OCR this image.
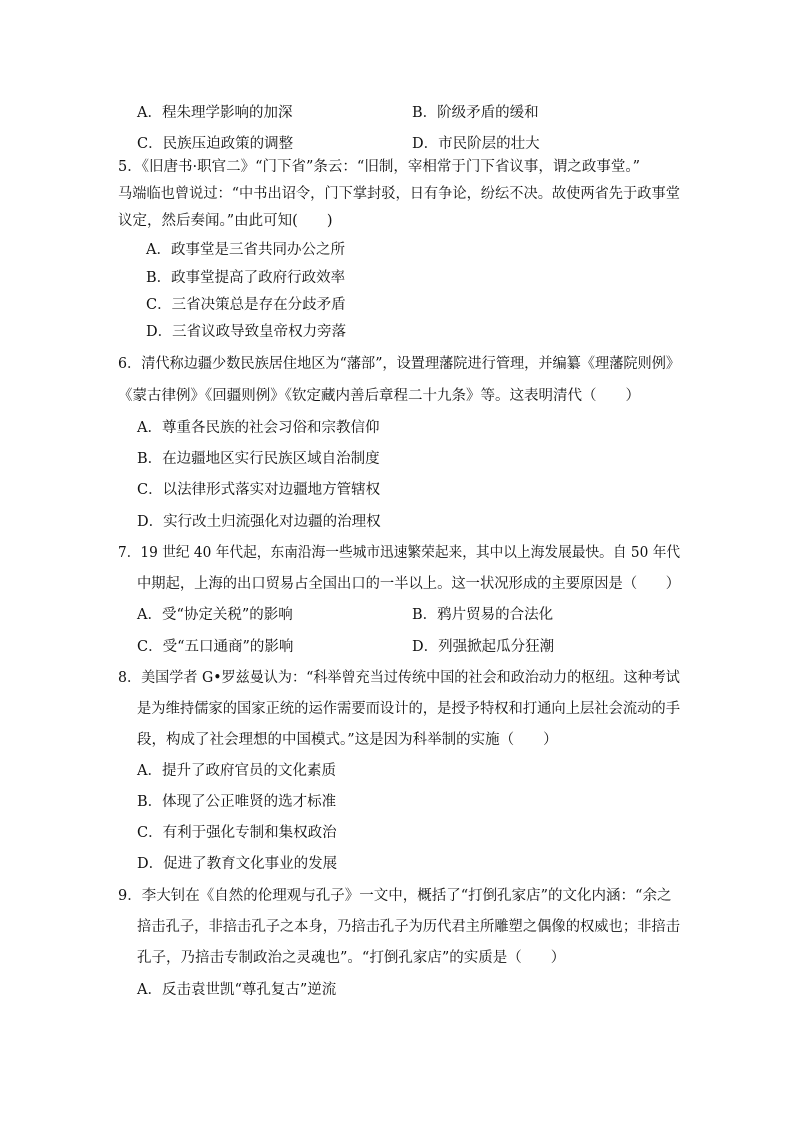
A．程朱理学影响的加深	B．阶级矛盾的缓和
C．民族压迫政策的调整	D．市民阶层的壮大
5．《旧唐书·职官二》“门下省”条云：“旧制，宰相常于门下省议事，谓之政事堂。”
马端临也曾说过：“中书出诏令，门下掌封驳，日有争论，纷纭不决。故使两省先于政事堂
议定，然后奏闻。”由此可知(　　)
A．政事堂是三省共同办公之所
B．政事堂提高了政府行政效率
C．三省决策总是存在分歧矛盾
D．三省议政导致皇帝权力旁落
6．清代称边疆少数民族居住地区为“藩部”，设置理藩院进行管理，并编纂《理藩院则例》
《蒙古律例》《回疆则例》《钦定藏内善后章程二十九条》等。这表明清代（　　）
A．尊重各民族的社会习俗和宗教信仰
B．在边疆地区实行民族区域自治制度
C．以法律形式落实对边疆地方管辖权
D．实行改土归流强化对边疆的治理权
7．19 世纪 40 年代起，东南沿海一些城市迅速繁荣起来，其中以上海发展最快。自 50 年代
中期起，上海的出口贸易占全国出口的一半以上。这一状况形成的主要原因是（　　）
A．受“协定关税”的影响	B．鸦片贸易的合法化
C．受“五口通商”的影响	D．列强掀起瓜分狂潮
8．美国学者 G•罗兹曼认为：“科举曾充当过传统中国的社会和政治动力的枢纽。这种考试
是为维持儒家的国家正统的运作需要而设计的，是授予特权和打通向上层社会流动的手
段，构成了社会理想的中国模式。”这是因为科举制的实施（　　）
A．提升了政府官员的文化素质
B．体现了公正唯贤的选才标准
C．有利于强化专制和集权政治
D．促进了教育文化事业的发展
9．李大钊在《自然的伦理观与孔子》一文中，概括了“打倒孔家店”的文化内涵：“余之
掊击孔子，非掊击孔子之本身，乃掊击孔子为历代君主所雕塑之偶像的权威也；非掊击
孔子，乃掊击专制政治之灵魂也”。“打倒孔家店”的实质是（　　）
A．反击袁世凯“尊孔复古”逆流
